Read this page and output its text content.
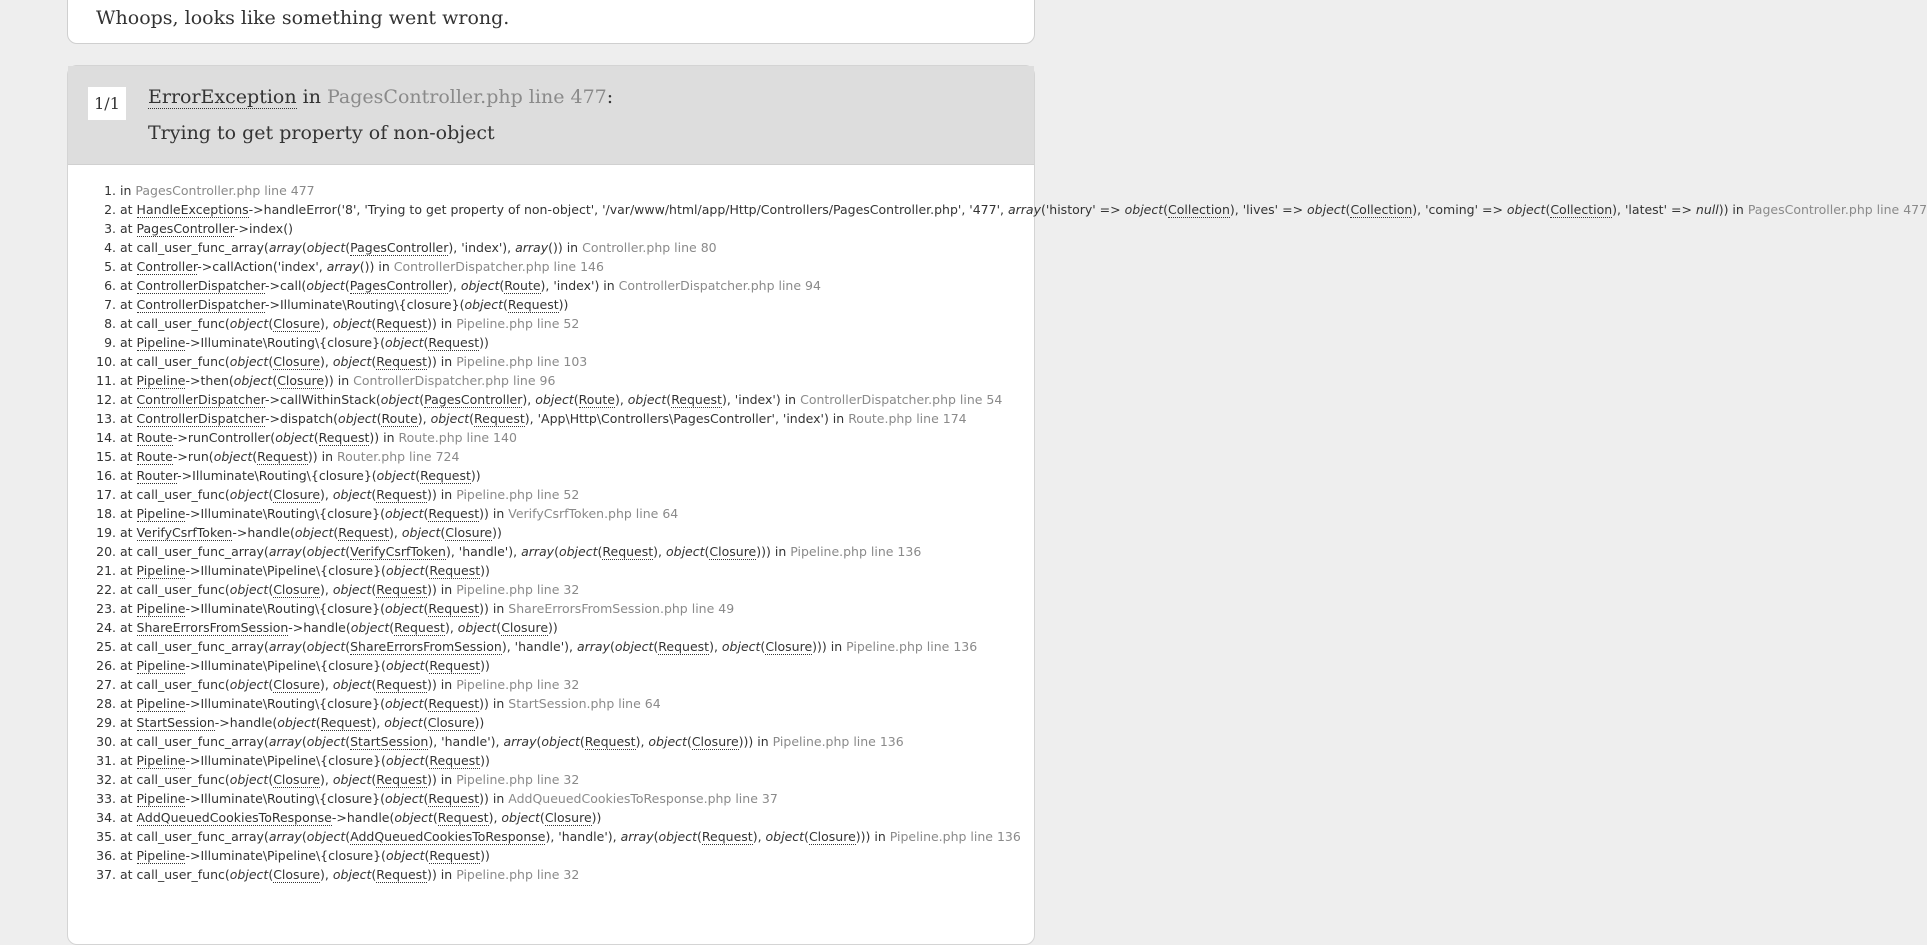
Whoops, looks like something went wrong.
1/1	ErrorException in PagesController.php line 477:
Trying to get property of non-object
1. in PagesController.php line 477
2. at HandleExceptions->handleError('8', 'Trying to get property of non-object', '/var/www/html/app/Http/Controllers/PagesController.php', '477', array('history' => object(Collection), 'lives' => object(Collection), 'coming' => object(Collection), 'latest' => null)) in PagesController.php line 477
3. at PagesController->index()
4. at call_user_func_array(array(object(PagesController), 'index'), array()) in Controller.php line 80
5. at Controller->callAction('index', array()) in ControllerDispatcher.php line 146
6. at ControllerDispatcher->call(object(PagesController), object(Route), 'index') in ControllerDispatcher.php line 94
7. at ControllerDispatcher->Illuminate\Routing\{closure}(object(Request))
8. at call_user_func(object(Closure), object(Request)) in Pipeline.php line 52
9. at Pipeline->Illuminate\Routing\{closure}(object(Request))
10. at call_user_func(object(Closure), object(Request)) in Pipeline.php line 103
11. at Pipeline->then(object(Closure)) in ControllerDispatcher.php line 96
12. at ControllerDispatcher->callWithinStack(object(PagesController), object(Route), object(Request), 'index') in ControllerDispatcher.php line 54
13. at ControllerDispatcher->dispatch(object(Route), object(Request), 'App\Http\Controllers\PagesController', 'index') in Route.php line 174
14. at Route->runController(object(Request)) in Route.php line 140
15. at Route->run(object(Request)) in Router.php line 724
16. at Router->Illuminate\Routing\{closure}(object(Request))
17. at call_user_func(object(Closure), object(Request)) in Pipeline.php line 52
18. at Pipeline->Illuminate\Routing\{closure}(object(Request)) in VerifyCsrfToken.php line 64
19. at VerifyCsrfToken->handle(object(Request), object(Closure))
20. at call_user_func_array(array(object(VerifyCsrfToken), 'handle'), array(object(Request), object(Closure))) in Pipeline.php line 136
21. at Pipeline->Illuminate\Pipeline\{closure}(object(Request))
22. at call_user_func(object(Closure), object(Request)) in Pipeline.php line 32
23. at Pipeline->Illuminate\Routing\{closure}(object(Request)) in ShareErrorsFromSession.php line 49
24. at ShareErrorsFromSession->handle(object(Request), object(Closure))
25. at call_user_func_array(array(object(ShareErrorsFromSession), 'handle'), array(object(Request), object(Closure))) in Pipeline.php line 136
26. at Pipeline->Illuminate\Pipeline\{closure}(object(Request))
27. at call_user_func(object(Closure), object(Request)) in Pipeline.php line 32
28. at Pipeline->Illuminate\Routing\{closure}(object(Request)) in StartSession.php line 64
29. at StartSession->handle(object(Request), object(Closure))
30. at call_user_func_array(array(object(StartSession), 'handle'), array(object(Request), object(Closure))) in Pipeline.php line 136
31. at Pipeline->Illuminate\Pipeline\{closure}(object(Request))
32. at call_user_func(object(Closure), object(Request)) in Pipeline.php line 32
33. at Pipeline->Illuminate\Routing\{closure}(object(Request)) in AddQueuedCookiesToResponse.php line 37
34. at AddQueuedCookiesToResponse->handle(object(Request), object(Closure))
35. at call_user_func_array(array(object(AddQueuedCookiesToResponse), 'handle'), array(object(Request), object(Closure))) in Pipeline.php line 136
36. at Pipeline->Illuminate\Pipeline\{closure}(object(Request))
37. at call_user_func(object(Closure), object(Request)) in Pipeline.php line 32
